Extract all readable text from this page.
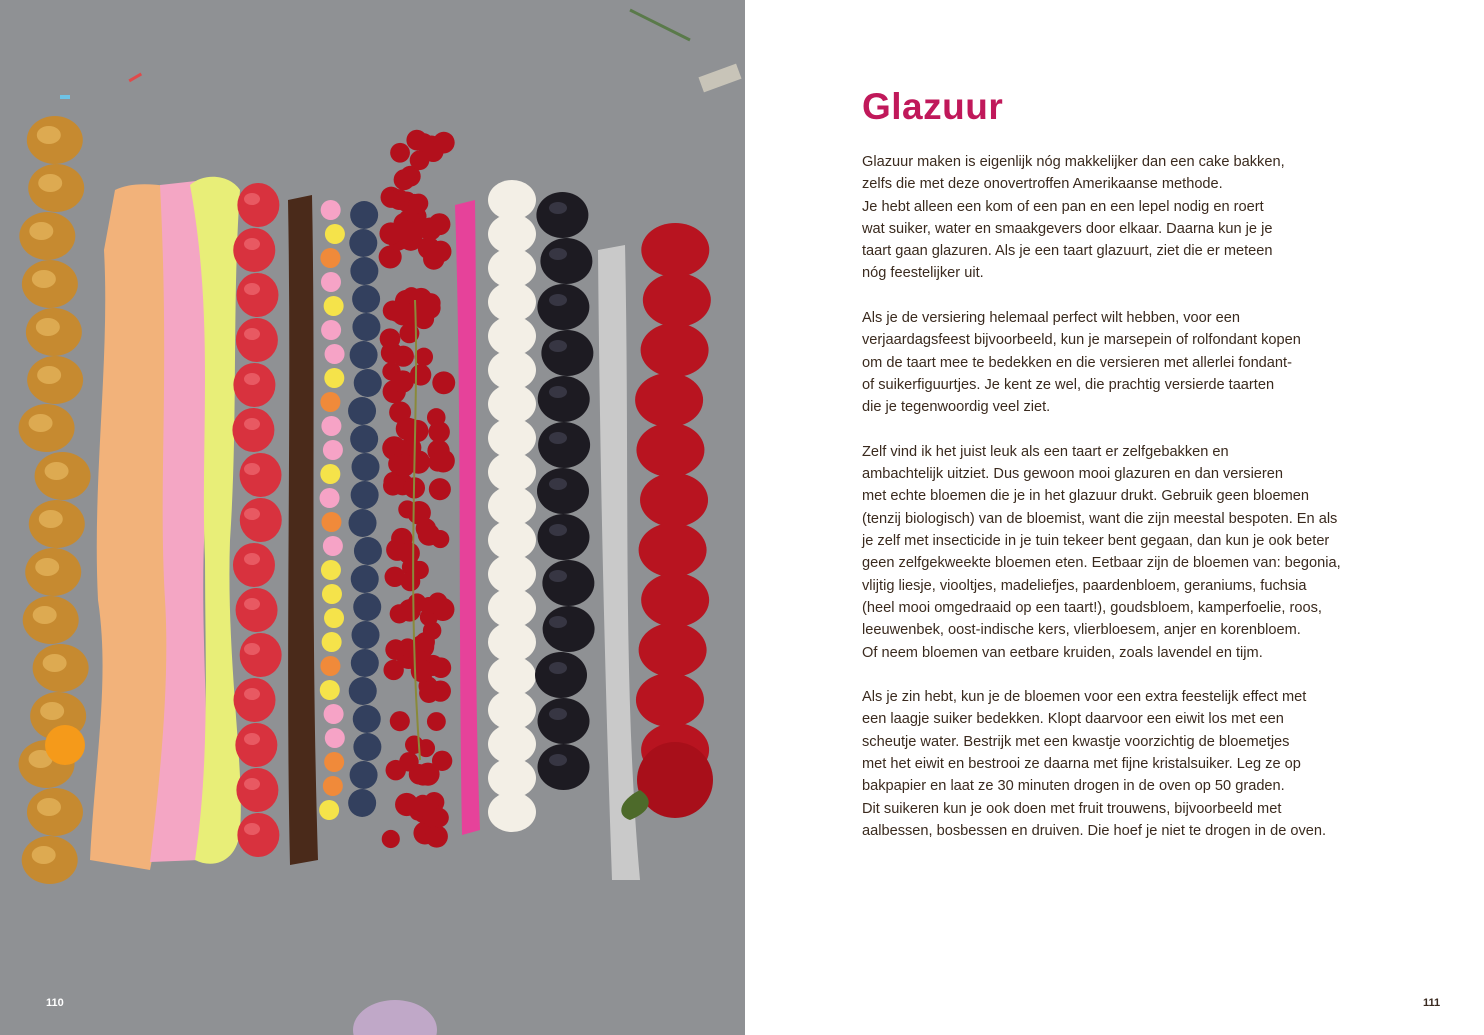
110
Glazuur

Glazuur maken is eigenlijk nóg makkelijker dan een cake bakken,
zelfs die met deze onovertroffen Amerikaanse methode.
Je hebt alleen een kom of een pan en een lepel nodig en roert
wat suiker, water en smaakgevers door elkaar. Daarna kun je je
taart gaan glazuren. Als je een taart glazuurt, ziet die er meteen
nóg feestelijker uit.

Als je de versiering helemaal perfect wilt hebben, voor een
verjaardagsfeest bijvoorbeeld, kun je marsepein of rolfondant kopen
om de taart mee te bedekken en die versieren met allerlei fondant-
of suikerfiguurtjes. Je kent ze wel, die prachtig versierde taarten
die je tegenwoordig veel ziet.

Zelf vind ik het juist leuk als een taart er zelfgebakken en
ambachtelijk uitziet. Dus gewoon mooi glazuren en dan versieren
met echte bloemen die je in het glazuur drukt. Gebruik geen bloemen
(tenzij biologisch) van de bloemist, want die zijn meestal bespoten. En als
je zelf met insecticide in je tuin tekeer bent gegaan, dan kun je ook beter
geen zelfgekweekte bloemen eten. Eetbaar zijn de bloemen van: begonia,
vlijtig liesje, viooltjes, madeliefjes, paardenbloem, geraniums, fuchsia
(heel mooi omgedraaid op een taart!), goudsbloem, kamperfoelie, roos,
leeuwenbek, oost-indische kers, vlierbloesem, anjer en korenbloem.
Of neem bloemen van eetbare kruiden, zoals lavendel en tijm.

Als je zin hebt, kun je de bloemen voor een extra feestelijk effect met
een laagje suiker bedekken. Klopt daarvoor een eiwit los met een
scheutje water. Bestrijk met een kwastje voorzichtig de bloemetjes
met het eiwit en bestrooi ze daarna met fijne kristalsuiker. Leg ze op
bakpapier en laat ze 30 minuten drogen in de oven op 50 graden.
Dit suikeren kun je ook doen met fruit trouwens, bijvoorbeeld met
aalbessen, bosbessen en druiven. Die hoef je niet te drogen in de oven.

111
